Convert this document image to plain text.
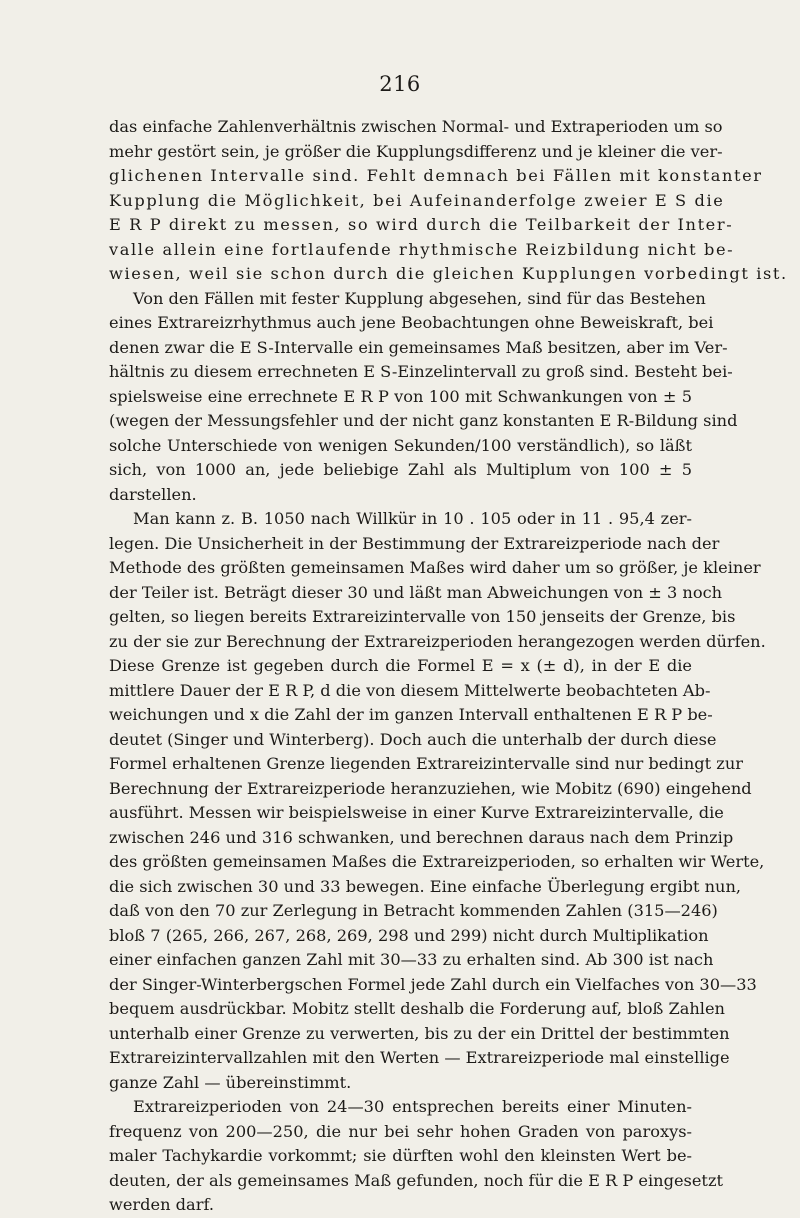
216
das einfache Zahlenverhältnis zwischen Normal- und Extraperioden um so
mehr gestört sein, je größer die Kupplungsdifferenz und je kleiner die ver-
glichenen Intervalle sind. Fehlt demnach bei Fällen mit konstanter
Kupplung die Möglichkeit, bei Aufeinanderfolge zweier E S die
E R P direkt zu messen, so wird durch die Teilbarkeit der Inter-
valle allein eine fortlaufende rhythmische Reizbildung nicht be-
wiesen, weil sie schon durch die gleichen Kupplungen vorbedingt ist.
Von den Fällen mit fester Kupplung abgesehen, sind für das Bestehen
eines Extrareizrhythmus auch jene Beobachtungen ohne Beweiskraft, bei
denen zwar die E S-Intervalle ein gemeinsames Maß besitzen, aber im Ver-
hältnis zu diesem errechneten E S-Einzelintervall zu groß sind. Besteht bei-
spielsweise eine errechnete E R P von 100 mit Schwankungen von ± 5
(wegen der Messungsfehler und der nicht ganz konstanten E R-Bildung sind
solche Unterschiede von wenigen Sekunden/100 verständlich), so läßt
sich, von 1000 an, jede beliebige Zahl als Multiplum von 100 ± 5
darstellen.
Man kann z. B. 1050 nach Willkür in 10 . 105 oder in 11 . 95,4 zer-
legen. Die Unsicherheit in der Bestimmung der Extrareizperiode nach der
Methode des größten gemeinsamen Maßes wird daher um so größer, je kleiner
der Teiler ist. Beträgt dieser 30 und läßt man Abweichungen von ± 3 noch
gelten, so liegen bereits Extrareizintervalle von 150 jenseits der Grenze, bis
zu der sie zur Berechnung der Extrareizperioden herangezogen werden dürfen.
Diese Grenze ist gegeben durch die Formel E = x (± d), in der E die
mittlere Dauer der E R P, d die von diesem Mittelwerte beobachteten Ab-
weichungen und x die Zahl der im ganzen Intervall enthaltenen E R P be-
deutet (Singer und Winterberg). Doch auch die unterhalb der durch diese
Formel erhaltenen Grenze liegenden Extrareizintervalle sind nur bedingt zur
Berechnung der Extrareizperiode heranzuziehen, wie Mobitz (690) eingehend
ausführt. Messen wir beispielsweise in einer Kurve Extrareizintervalle, die
zwischen 246 und 316 schwanken, und berechnen daraus nach dem Prinzip
des größten gemeinsamen Maßes die Extrareizperioden, so erhalten wir Werte,
die sich zwischen 30 und 33 bewegen. Eine einfache Überlegung ergibt nun,
daß von den 70 zur Zerlegung in Betracht kommenden Zahlen (315—246)
bloß 7 (265, 266, 267, 268, 269, 298 und 299) nicht durch Multiplikation
einer einfachen ganzen Zahl mit 30—33 zu erhalten sind. Ab 300 ist nach
der Singer-Winterbergschen Formel jede Zahl durch ein Vielfaches von 30—33
bequem ausdrückbar. Mobitz stellt deshalb die Forderung auf, bloß Zahlen
unterhalb einer Grenze zu verwerten, bis zu der ein Drittel der bestimmten
Extrareizintervallzahlen mit den Werten — Extrareizperiode mal einstellige
ganze Zahl — übereinstimmt.
Extrareizperioden von 24—30 entsprechen bereits einer Minuten-
frequenz von 200—250, die nur bei sehr hohen Graden von paroxys-
maler Tachykardie vorkommt; sie dürften wohl den kleinsten Wert be-
deuten, der als gemeinsames Maß gefunden, noch für die E R P eingesetzt
werden darf.
